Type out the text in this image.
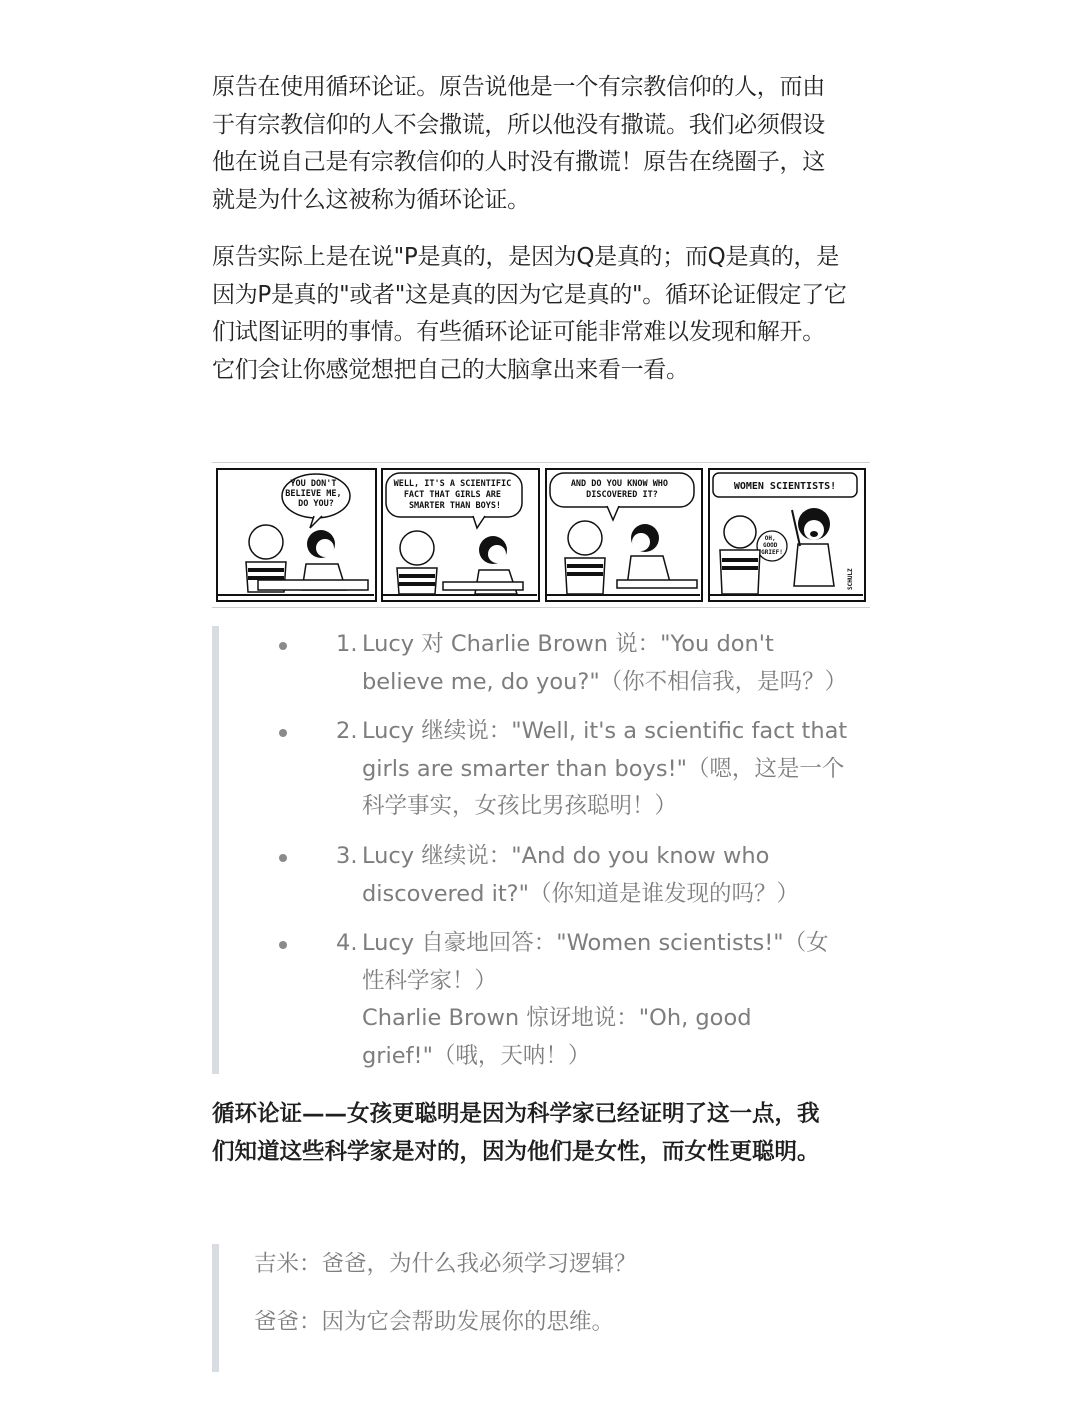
原告在使用循环论证。原告说他是一个有宗教信仰的人，而由
于有宗教信仰的人不会撒谎，所以他没有撒谎。我们必须假设
他在说自己是有宗教信仰的人时没有撒谎！原告在绕圈子，这
就是为什么这被称为循环论证。

原告实际上是在说"P是真的，是因为Q是真的；而Q是真的，是
因为P是真的"或者"这是真的因为它是真的"。循环论证假定了它
们试图证明的事情。有些循环论证可能非常难以发现和解开。
它们会让你感觉想把自己的大脑拿出来看一看。

YOU DON'T BELIEVE ME, DO YOU?
WELL, IT'S A SCIENTIFIC FACT THAT GIRLS ARE SMARTER THAN BOYS!
AND DO YOU KNOW WHO DISCOVERED IT?
WOMEN SCIENTISTS!
OH, GOOD GRIEF!
SCHULZ
1. Lucy 对 Charlie Brown 说："You don't
believe me, do you?"（你不相信我，是吗？）
2. Lucy 继续说："Well, it's a scientific fact that
girls are smarter than boys!"（嗯，这是一个
科学事实，女孩比男孩聪明！）
3. Lucy 继续说："And do you know who
discovered it?"（你知道是谁发现的吗？）
4. Lucy 自豪地回答："Women scientists!"（女
性科学家！）
Charlie Brown 惊讶地说："Oh, good
grief!"（哦，天呐！）

循环论证——女孩更聪明是因为科学家已经证明了这一点，我
们知道这些科学家是对的，因为他们是女性，而女性更聪明。

吉米：爸爸，为什么我必须学习逻辑？
爸爸：因为它会帮助发展你的思维。
